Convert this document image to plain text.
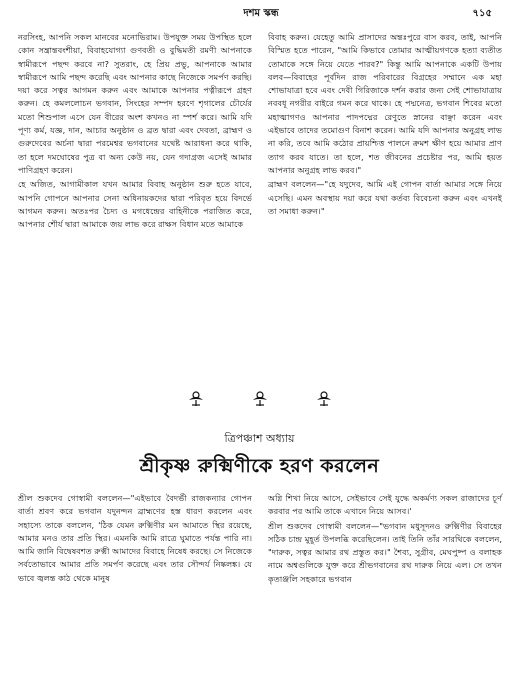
দশম স্কন্ধ	৭১৫

নরসিংহ, আপনি সকল মানবের মনোভিরাম। উপযুক্ত সময় উপস্থিত হলে কোন সন্ত্রান্তবংশীয়া, বিবাহযোগ্যা গুণবতী ও বুদ্ধিমতী রমণী আপনাকে স্বামীরূপে পছন্দ করবে না? সুতরাং, হে প্রিয় প্রভু, আপনাকে আমার স্বামীরূপে আমি পছন্দ করেছি এবং আপনার কাছে নিজেকে সমর্পণ করছি। দয়া করে সত্বর আগমন করুন এবং আমাকে আপনার পত্নীরূপে গ্রহণ করুন। হে কমললোচন ভগবান, সিংহের সম্পদ হরণে শৃগালের চৌর্যের মতো শিশুপাল এসে যেন বীরের অংশ কখনও না স্পর্শ করে। আমি যদি পূণ্য কর্ম, যজ্ঞ, দান, আচার অনুষ্ঠান ও ব্রত দ্বারা এবং দেবতা, ব্রাহ্মণ ও গুরুদেবের অর্চনা দ্বারা পরমেশ্বর ভগবানের যথেষ্ট আরাধনা করে থাকি, তা হলে দমঘোষের পুত্র বা অন্য কেউ নয়, যেন গদাগ্রজ এসেই আমার পাণিগ্রহণ করেন।

হে অজিত, আগামীকাল যখন আমার বিবাহ অনুষ্ঠান শুরু হতে যাবে, আপনি গোপনে আপনার সেনা অধিনায়কদের দ্বারা পরিবৃত হয়ে বিদর্ভে আগমন করুন। অতঃপর চৈদ্য ও মগধেন্দ্রের বাহিনীকে পরাজিত করে, আপনার শৌর্য দ্বারা আমাকে জয় লাভ করে রাক্ষস বিধান মতে আমাকে

বিবাহ করুন। যেহেতু আমি প্রাসাদের অন্তঃপুরে বাস করব, তাই, আপনি বিস্মিত হতে পারেন, "আমি কিভাবে তোমার আত্মীয়গণকে হত্যা ব্যতীত তোমাকে সঙ্গে নিয়ে যেতে পারব?" কিন্তু আমি আপনাকে একটি উপায় বলব—বিবাহের পূর্বদিন রাজ পরিবারের বিগ্রহের সম্মানে এক মহা শোভাযাত্রা হবে এবং দেবী গিরিজাকে দর্শন করার জন্য সেই শোভাযাত্রায় নববধূ নগরীর বাইরে গমন করে থাকে। হে পদ্মনেত্র, ভগবান শিবের মতো মহাত্মাগণও আপনার পাদপদ্মের রেণুতে স্নানের বাঞ্ছা করেন এবং এইভাবে তাদের তমোগুণ বিনাশ করেন। আমি যদি আপনার অনুগ্রহ লাভ না করি, তবে আমি কঠোর প্রায়শ্চিত্ত পালনে ক্রমশ ক্ষীণ হয়ে আমার প্রাণ ত্যাগ করব যাতে। তা হলে, শত জীবনের প্রচেষ্টার পর, আমি হয়ত আপনার অনুগ্রহ লাভ করব।"

ব্রাহ্মণ বললেন—"হে যদুদেব, আমি এই গোপন বার্তা আমার সঙ্গে নিয়ে এসেছি। এমন অবস্থায় দয়া করে যথা কর্তব্য বিবেচনা করুন এবং এখনই তা সমাধা করুন।"

ত্রিপঞ্চাশ অধ্যায়
শ্রীকৃষ্ণ রুক্মিণীকে হরণ করলেন

শ্রীল শুকদেব গোস্বামী বললেন—"এইভাবে বৈদর্ভী রাজকন্যার গোপন বার্তা শ্রবণ করে ভগবান যদুনন্দন ব্রাহ্মণের হস্ত ধারণ করলেন এবং সহাস্যে তাকে বললেন, 'ঠিক যেমন রুক্মিণীর মন আমাতে স্থির রয়েছে, আমার মনও তার প্রতি স্থির। এমনকি আমি রাত্রে ঘুমাতে পর্যন্ত পারি না। আমি জানি বিদ্বেষবশত রুক্মী আমাদের বিবাহে নিষেধ করছে। সে নিজেকে সর্বতোভাবে আমার প্রতি সমর্পণ করেছে এবং তার সৌন্দর্য নিষ্কলঙ্ক। যে ভাবে জ্বলন্ত কাঠ থেকে মানুষ

অগ্নি শিখা নিয়ে আসে, সেইভাবে সেই যুদ্ধে অকর্মণ্য সকল রাজাদের চূর্ণ করবার পর আমি তাকে এখানে নিয়ে আসব।'

শ্রীল শুকদেব গোস্বামী বললেন—"ভগবান মধুসূদনও রুক্মিণীর বিবাহের সঠিক চান্দ্র মুহূর্ত উপলব্ধি করেছিলেন। তাই তিনি তাঁর সারথিকে বললেন, "দারুক, সত্বর আমার রথ প্রস্তুত কর।" শৈব্য, সুগ্রীব, মেঘপুষ্প ও বলাহক নামে অশ্বগুলিকে যুক্ত করে শ্রীভগবানের রথ দারুক নিয়ে এল। সে তখন কৃতাঞ্জলি সহকারে ভগবান
